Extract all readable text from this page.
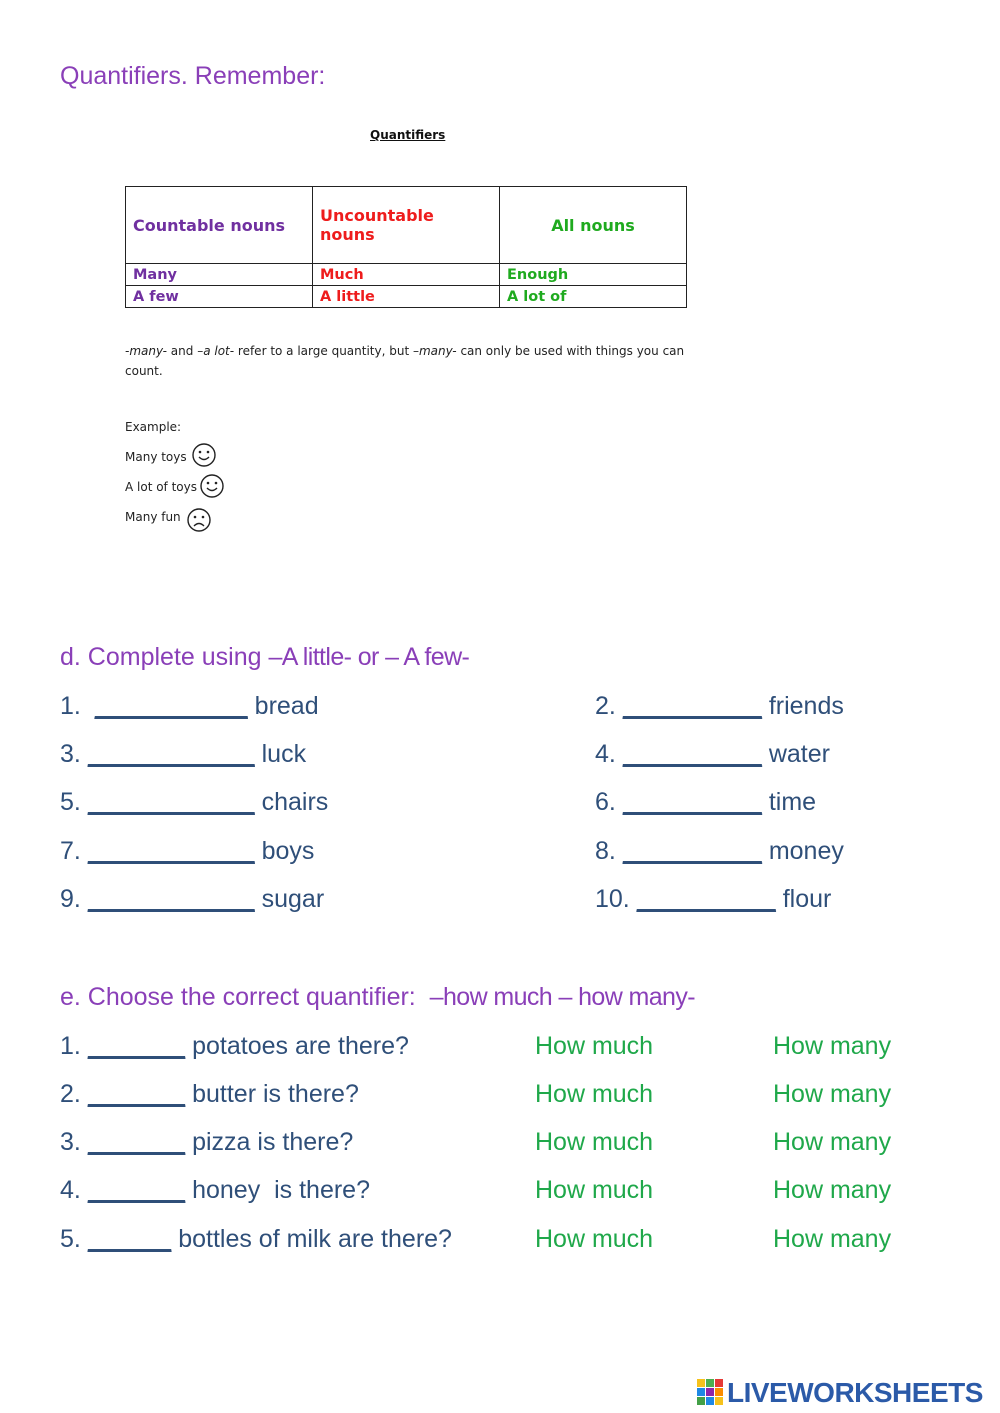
Quantifiers. Remember:
Quantifiers
Countable nouns	Uncountable nouns	All nouns
Many	Much	Enough
A few	A little	A lot of
-many- and –a lot- refer to a large quantity, but –many- can only be used with things you can count.
Example:
Many toys
A lot of toys
Many fun
d. Complete using –A little- or – A few-
1. ___________ bread	2. __________ friends
3. ____________ luck	4. __________ water
5. ____________ chairs	6. __________ time
7. ____________ boys	8. __________ money
9. ____________ sugar	10. __________ flour
e. Choose the correct quantifier: –how much – how many-
1. _______ potatoes are there?	How much	How many
2. _______ butter is there?	How much	How many
3. _______ pizza is there?	How much	How many
4. _______ honey  is there?	How much	How many
5. ______ bottles of milk are there?	How much	How many
LIVEWORKSHEETS
